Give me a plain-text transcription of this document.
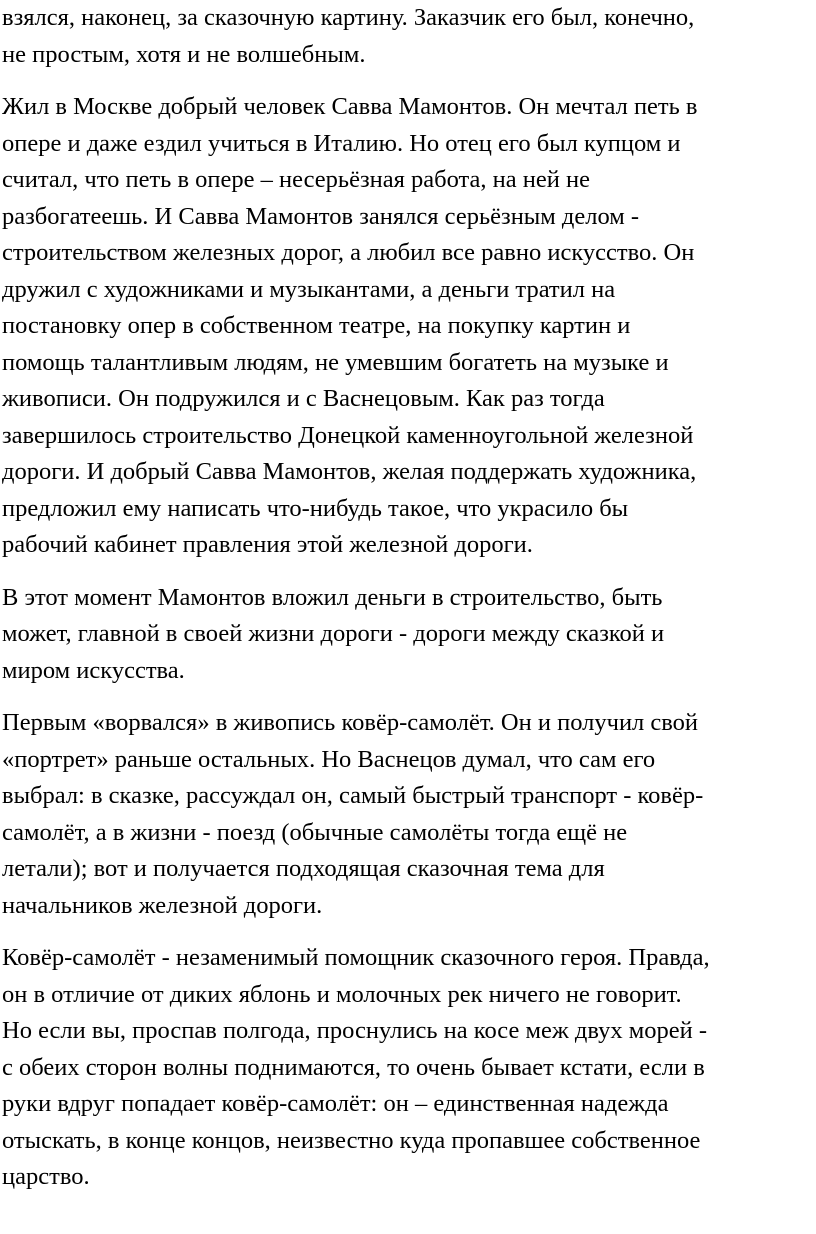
взялся, наконец, за сказочную картину. Заказчик его был, конечно,
не простым, хотя и не волшебным.

Жил в Москве добрый человек Савва Мамонтов. Он мечтал петь в
опере и даже ездил учиться в Италию. Но отец его был купцом и
считал, что петь в опере – несерьёзная работа, на ней не
разбогатеешь. И Савва Мамонтов занялся серьёзным делом -
строительством железных дорог, а любил все равно искусство. Он
дружил с художниками и музыкантами, а деньги тратил на
постановку опер в собственном театре, на покупку картин и
помощь талантливым людям, не умевшим богатеть на музыке и
живописи. Он подружился и с Васнецовым. Как раз тогда
завершилось строительство Донецкой каменноугольной железной
дороги. И добрый Савва Мамонтов, желая поддержать художника,
предложил ему написать что-нибудь такое, что украсило бы
рабочий кабинет правления этой железной дороги.

В этот момент Мамонтов вложил деньги в строительство, быть
может, главной в своей жизни дороги - дороги между сказкой и
миром искусства.

Первым «ворвался» в живопись ковёр-самолёт. Он и получил свой
«портрет» раньше остальных. Но Васнецов думал, что сам его
выбрал: в сказке, рассуждал он, самый быстрый транспорт - ковёр-
самолёт, а в жизни - поезд (обычные самолёты тогда ещё не
летали); вот и получается подходящая сказочная тема для
начальников железной дороги.

Ковёр-самолёт - незаменимый помощник сказочного героя. Правда,
он в отличие от диких яблонь и молочных рек ничего не говорит.
Но если вы, проспав полгода, проснулись на косе меж двух морей -
с обеих сторон волны поднимаются, то очень бывает кстати, если в
руки вдруг попадает ковёр-самолёт: он – единственная надежда
отыскать, в конце концов, неизвестно куда пропавшее собственное
царство.
